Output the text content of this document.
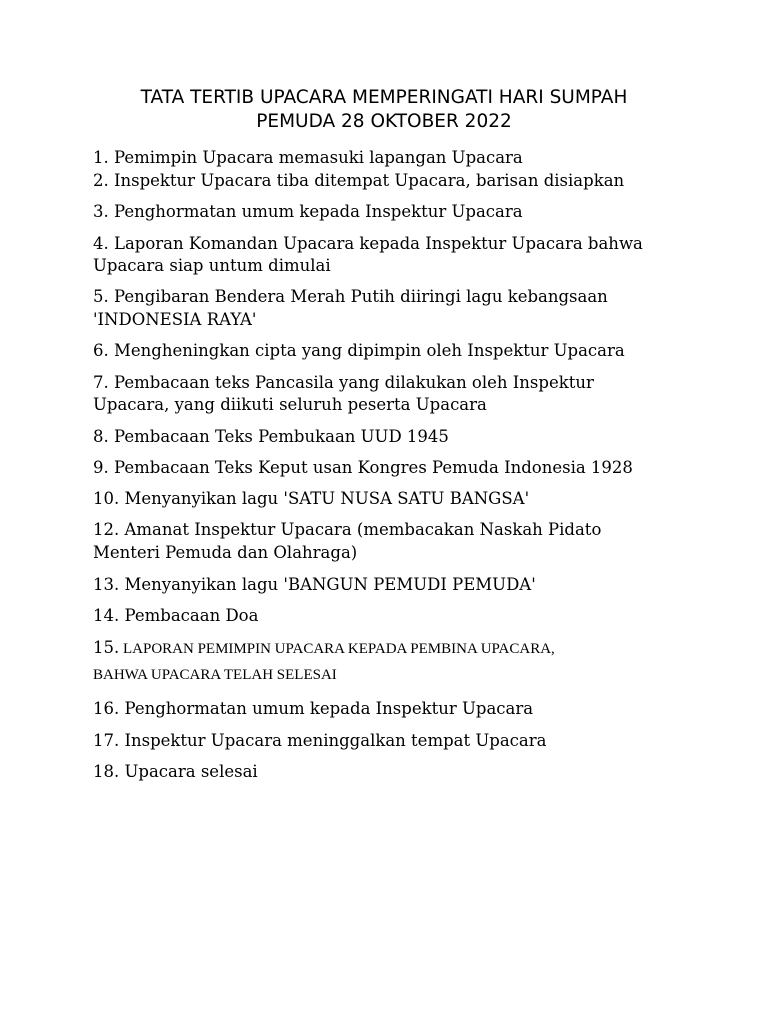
TATA TERTIB UPACARA MEMPERINGATI HARI SUMPAH
PEMUDA 28 OKTOBER 2022
1. Pemimpin Upacara memasuki lapangan Upacara
2. Inspektur Upacara tiba ditempat Upacara, barisan disiapkan
3. Penghormatan umum kepada Inspektur Upacara
4. Laporan Komandan Upacara kepada Inspektur Upacara bahwa
Upacara siap untum dimulai
5. Pengibaran Bendera Merah Putih diiringi lagu kebangsaan
'INDONESIA RAYA'
6. Mengheningkan cipta yang dipimpin oleh Inspektur Upacara
7. Pembacaan teks Pancasila yang dilakukan oleh Inspektur
Upacara, yang diikuti seluruh peserta Upacara
8. Pembacaan Teks Pembukaan UUD 1945
9. Pembacaan Teks Keput usan Kongres Pemuda Indonesia 1928
10. Menyanyikan lagu 'SATU NUSA SATU BANGSA'
12. Amanat Inspektur Upacara (membacakan Naskah Pidato
Menteri Pemuda dan Olahraga)
13. Menyanyikan lagu 'BANGUN PEMUDI PEMUDA'
14. Pembacaan Doa
15. LAPORAN PEMIMPIN UPACARA KEPADA PEMBINA UPACARA,
BAHWA UPACARA TELAH SELESAI
16. Penghormatan umum kepada Inspektur Upacara
17. Inspektur Upacara meninggalkan tempat Upacara
18. Upacara selesai
